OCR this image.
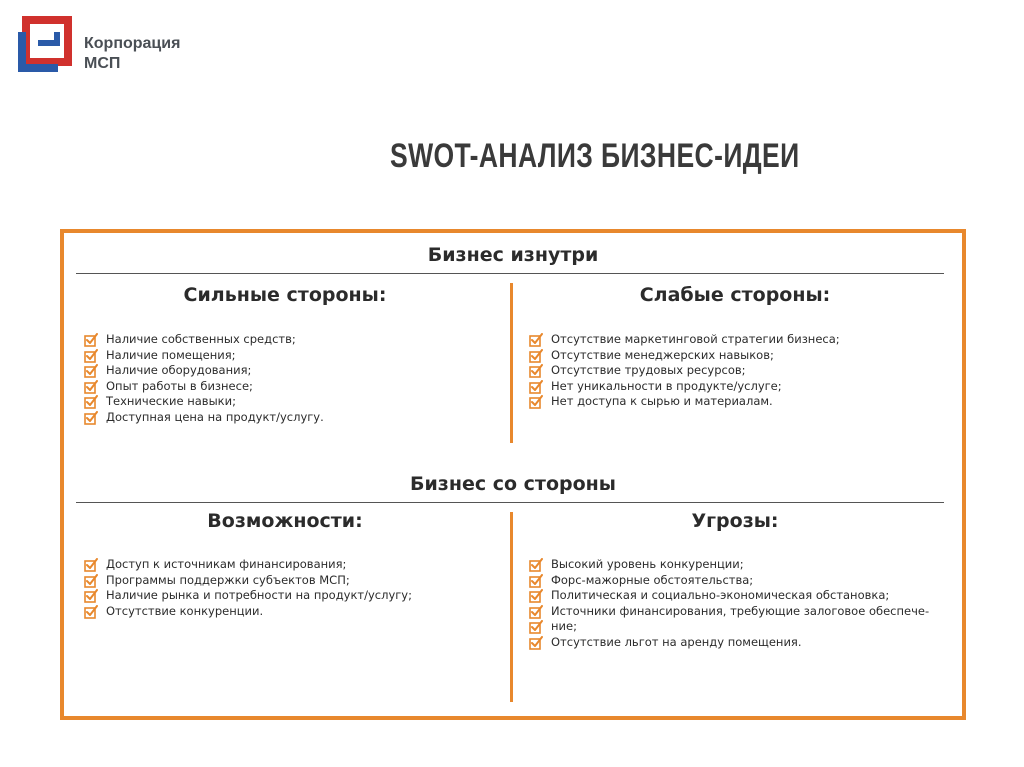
Корпорация
МСП
SWOT-АНАЛИЗ БИЗНЕС-ИДЕИ
Бизнес изнутри
Сильные стороны:	Слабые стороны:
Наличие собственных средств;
Наличие помещения;
Наличие оборудования;
Опыт работы в бизнесе;
Технические навыки;
Доступная цена на продукт/услугу.
Отсутствие маркетинговой стратегии бизнеса;
Отсутствие менеджерских навыков;
Отсутствие трудовых ресурсов;
Нет уникальности в продукте/услуге;
Нет доступа к сырью и материалам.
Бизнес со стороны
Возможности:	Угрозы:
Доступ к источникам финансирования;
Программы поддержки субъектов МСП;
Наличие рынка и потребности на продукт/услугу;
Отсутствие конкуренции.
Высокий уровень конкуренции;
Форс-мажорные обстоятельства;
Политическая и социально-экономическая обстановка;
Источники финансирования, требующие залоговое обеспече-
ние;
Отсутствие льгот на аренду помещения.
